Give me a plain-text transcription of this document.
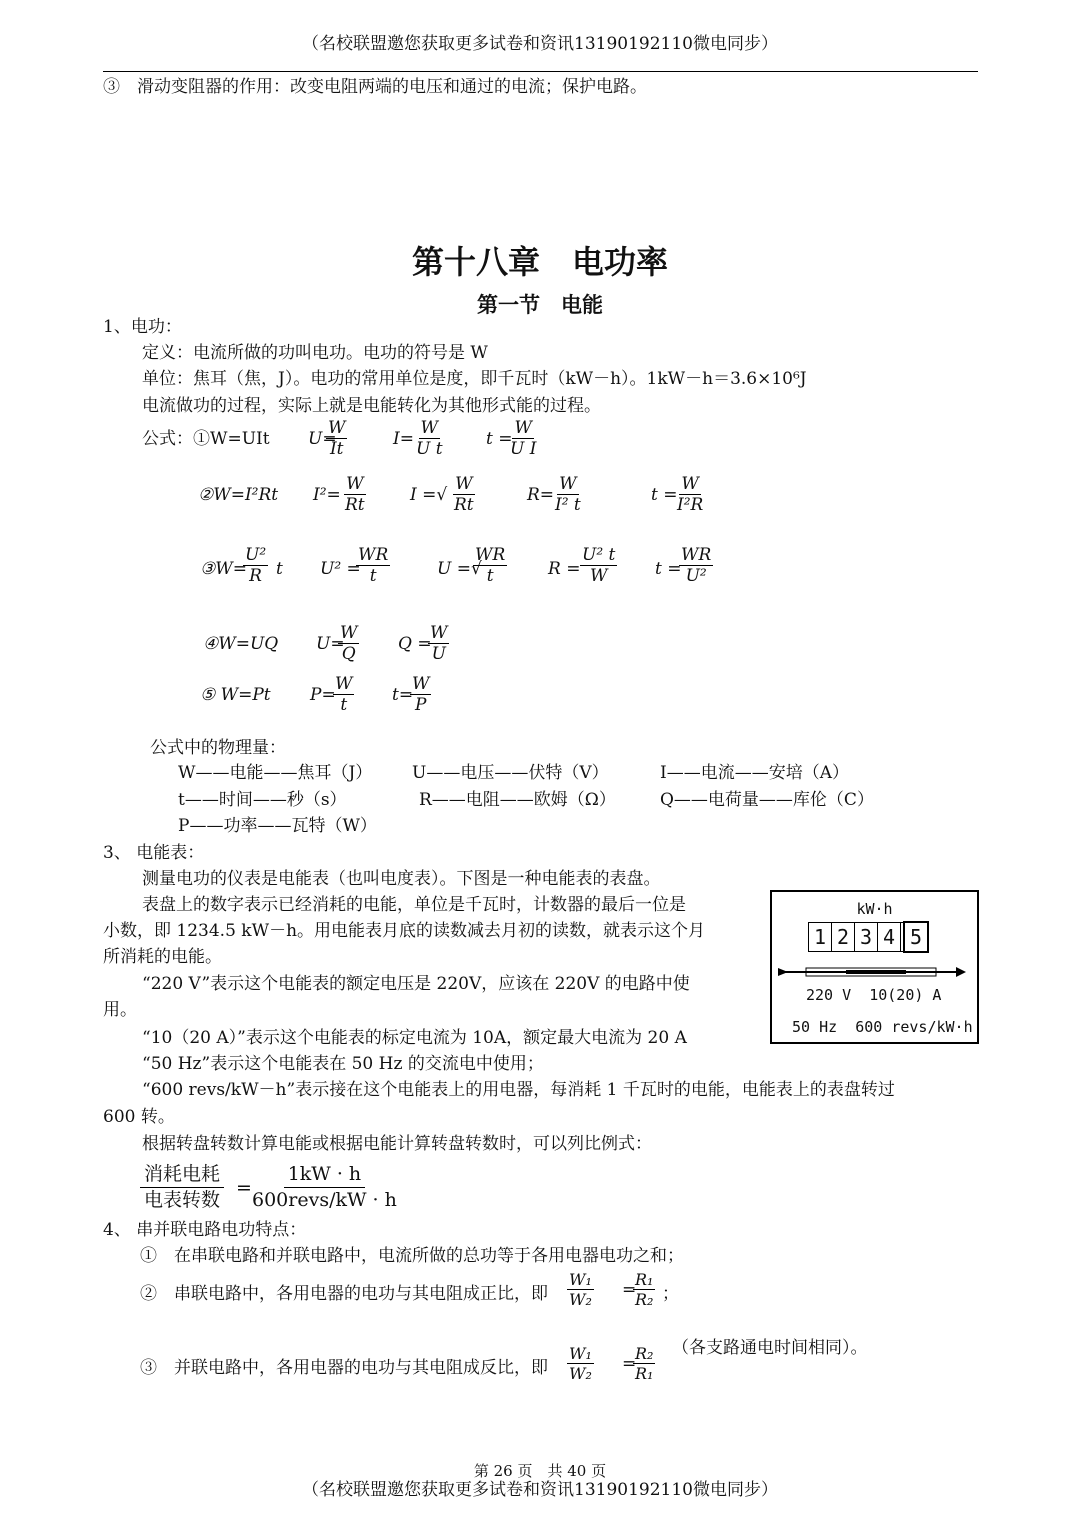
（名校联盟邀您获取更多试卷和资讯13190192110微电同步）
③　滑动变阻器的作用：改变电阻两端的电压和通过的电流；保护电路。
第十八章　电功率
第一节　电能
1、电功：
定义：电流所做的功叫电功。电功的符号是 W
单位：焦耳（焦，J）。电功的常用单位是度，即千瓦时（kW－h）。1kW－h＝3.6×10⁶J
电流做功的过程，实际上就是电能转化为其他形式能的过程。
公式：①W=UIt U=
$\frac{W}{It}$	$I= \frac{W}{\text{U t}}$ t =
$\frac{W}{\text{U I}}$
②W=I²Rt $I^2= \frac{W}{Rt}$	I =√ $\frac{W}{Rt}$	R=
$\frac{W}{\text{I² t}}$	t =
$\frac{W}{\text{I²R}}$
③W=
$\frac{\text{U²}}{R}$ t U² =
$\frac{WR}{t}$	U =√
$\frac{WR}{t}$ $R = \frac{\text{U² t}}{W}$ t =
$\frac{WR}{\text{U²}}$
④W=UQ U=
$\frac{W}{Q}$ Q =
$\frac{W}{U}$
⑤ W=Pt P=
$\frac{W}{t} t=$
$\frac{W}{P}$
公式中的物理量：
W——电能——焦耳（J） U——电压——伏特（V）	I——电流——安培（A）
t——时间——秒（s）	R——电阻——欧姆（Ω）	Q——电荷量——库伦（C）
P——功率——瓦特（W）
3、 电能表：
测量电功的仪表是电能表（也叫电度表）。下图是一种电能表的表盘。
表盘上的数字表示已经消耗的电能，单位是千瓦时，计数器的最后一位是
小数，即 1234.5 kW－h。用电能表月底的读数减去月初的读数，就表示这个月
所消耗的电能。
“220 V”表示这个电能表的额定电压是 220V，应该在 220V 的电路中使
用。
“10（20 A）”表示这个电能表的标定电流为 10A，额定最大电流为 20 A
“50 Hz”表示这个电能表在 50 Hz 的交流电中使用；
“600 revs/kW－h”表示接在这个电能表上的用电器，每消耗 1 千瓦时的电能，电能表上的表盘转过
600 转。
根据转盘转数计算电能或根据电能计算转盘转数时，可以列比例式：
消耗电耗
电表转数
=
1kW · h
600revs/kW · h
kW·h
1 2 3 4 5
220 V 10(20) A
50 Hz 600 revs/kW·h
4、 串并联电路电功特点：
①　在串联电路和并联电路中，电流所做的总功等于各用电器电功之和；
②　串联电路中，各用电器的电功与其电阻成正比，即 $\frac{\text{W₁}}{\text{W₂}}$ =
$\frac{\text{R₁}}{\text{R₂}}$ ；
③　并联电路中，各用电器的电功与其电阻成反比，即 $\frac{\text{W₁}}{\text{W₂}}$ =
$\frac{\text{R₂}}{\text{R₁}}$ （各支路通电时间相同）。
第 26 页　共 40 页
（名校联盟邀您获取更多试卷和资讯13190192110微电同步）
